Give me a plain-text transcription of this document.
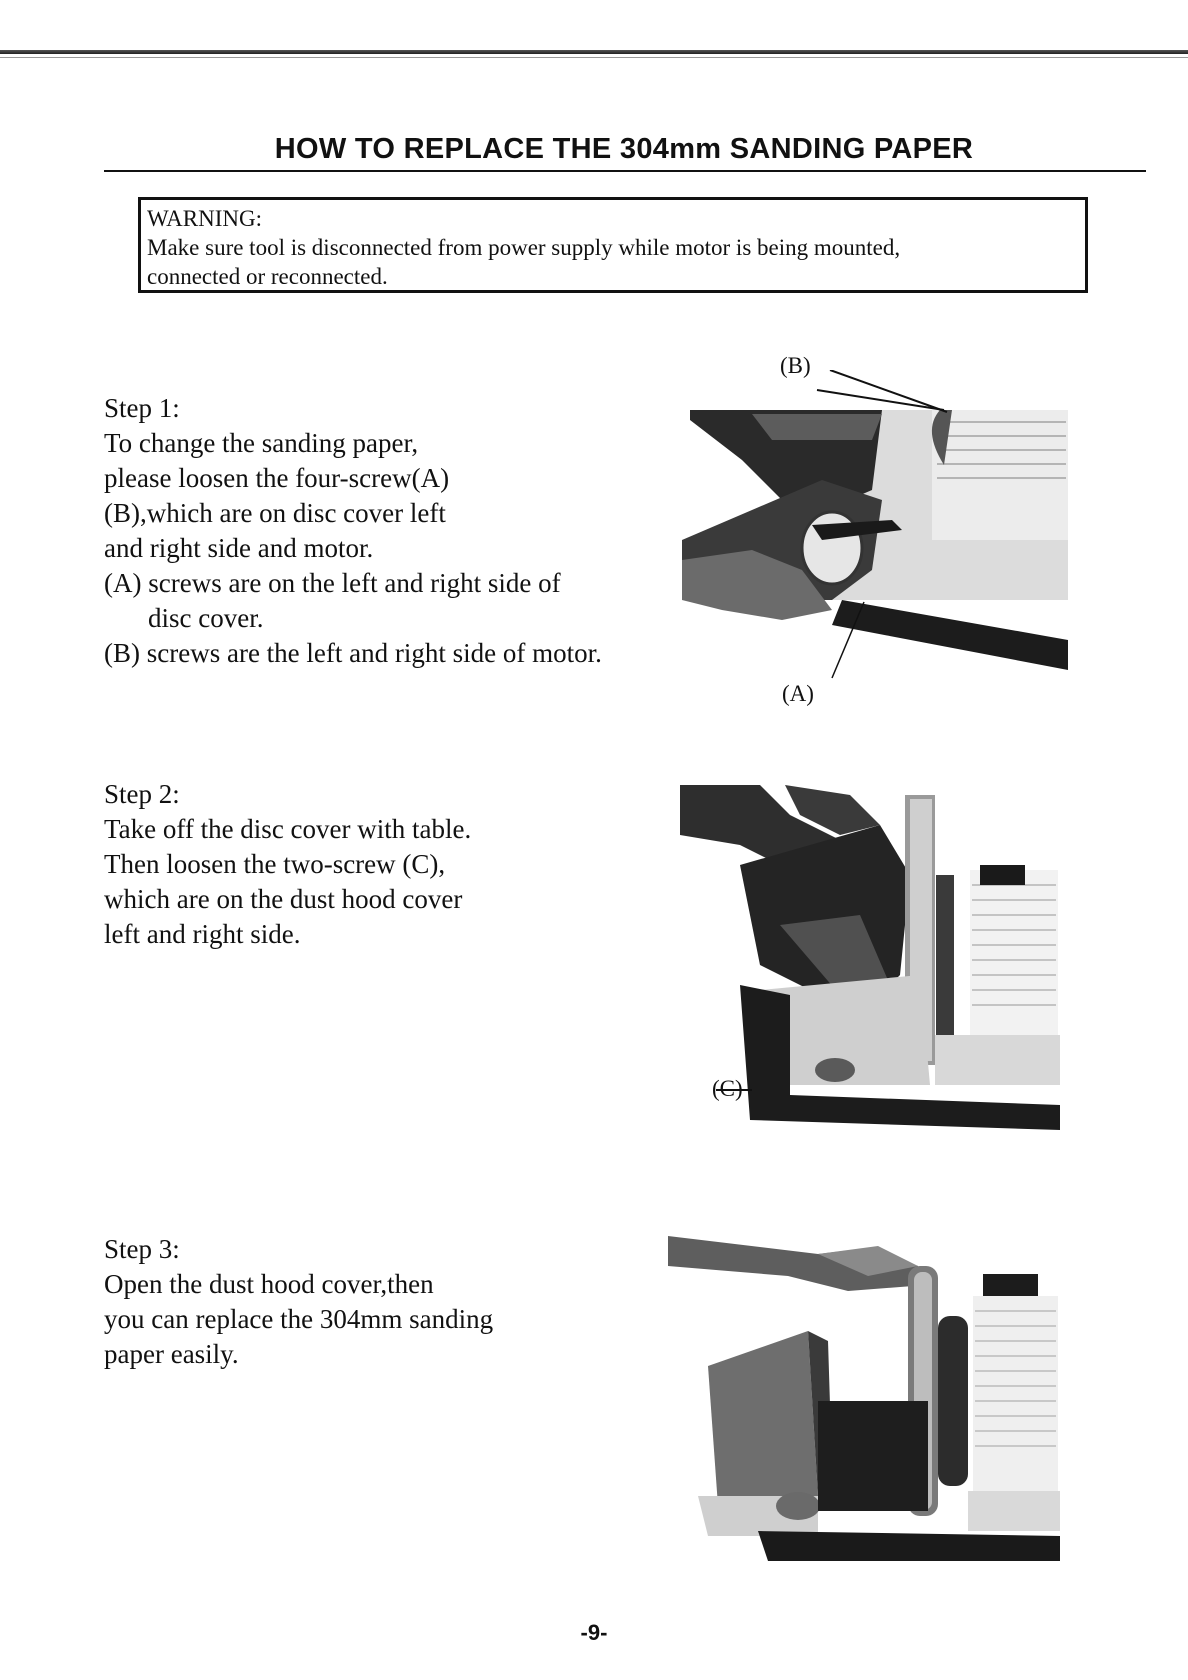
HOW TO REPLACE THE 304mm SANDING PAPER
WARNING:
Make sure tool is disconnected from power supply while motor is being mounted,
connected or reconnected.

Step 1:

To change the sanding paper,

please loosen the four-screw(A)

(B),which are on disc cover left

and right side and motor.

(A) screws are on the left and right side of disc cover.

(B) screws are the left and right side of motor.

(B)
(A)

Step 2:

Take off the disc cover with table.

Then loosen the two-screw (C),

which are on the dust hood cover

left and right side.

(C)

Step 3:

Open the dust hood cover,then

you can replace the 304mm sanding

paper easily.

-9-
